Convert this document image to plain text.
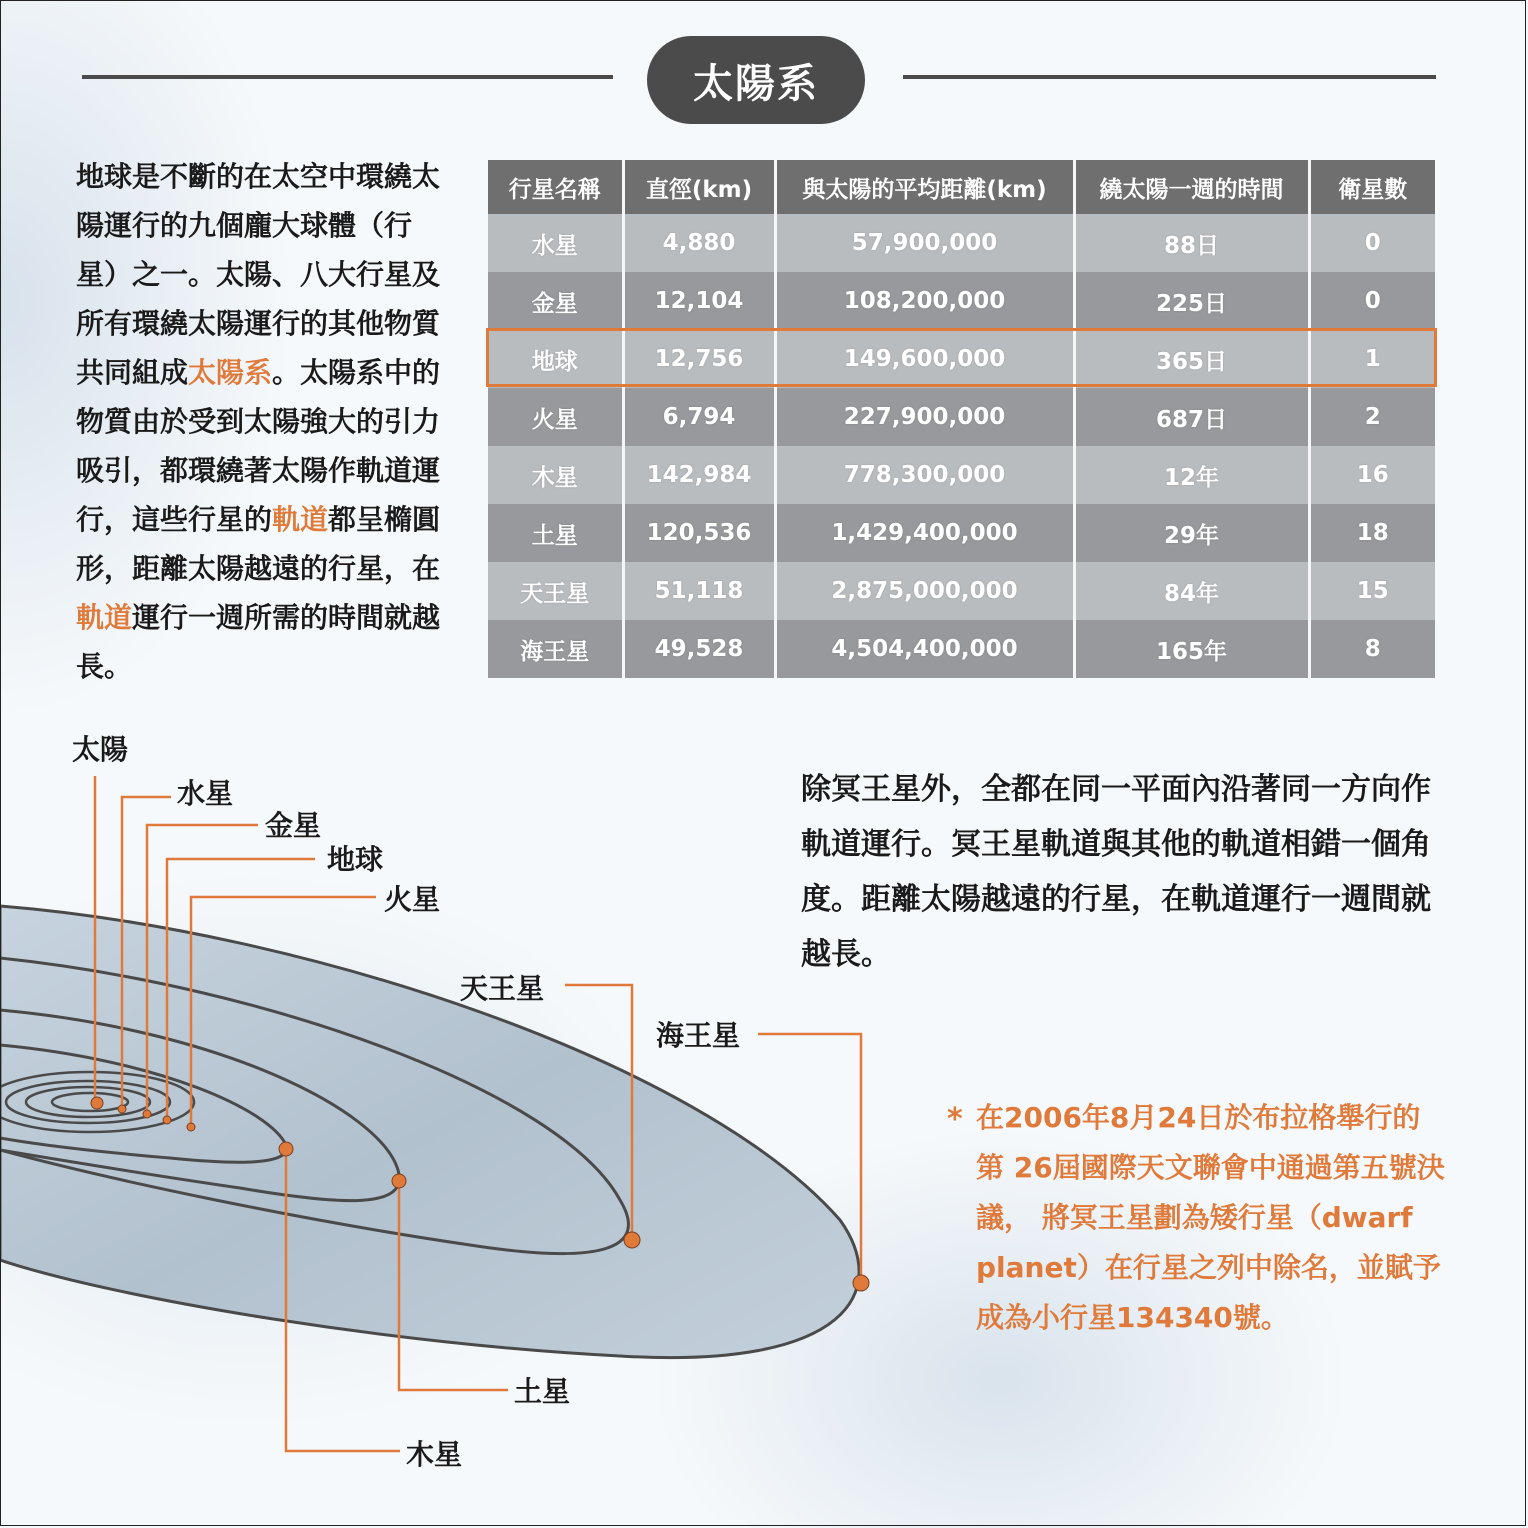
太陽系

地球是不斷的在太空中環繞太陽運行的九個龐大球體（行星）之一。太陽、八大行星及所有環繞太陽運行的其他物質共同組成太陽系。太陽系中的物質由於受到太陽強大的引力吸引，都環繞著太陽作軌道運行，這些行星的軌道都呈橢圓形，距離太陽越遠的行星，在軌道運行一週所需的時間就越長。

行星名稱	直徑(km)	與太陽的平均距離(km)	繞太陽一週的時間	衛星數
水星	4,880	57,900,000	88日	0
金星	12,104	108,200,000	225日	0
地球	12,756	149,600,000	365日	1
火星	6,794	227,900,000	687日	2
木星	142,984	778,300,000	12年	16
土星	120,536	1,429,400,000	29年	18
天王星	51,118	2,875,000,000	84年	15
海王星	49,528	4,504,400,000	165年	8
太陽
水星
金星
地球
火星
天王星
海王星
土星
木星

除冥王星外，全都在同一平面內沿著同一方向作軌道運行。冥王星軌道與其他的軌道相錯一個角度。距離太陽越遠的行星，在軌道運行一週間就越長。

* 在2006年8月24日於布拉格舉行的第 26屆國際天文聯會中通過第五號決議， 將冥王星劃為矮行星（dwarf planet）在行星之列中除名，並賦予成為小行星134340號。
